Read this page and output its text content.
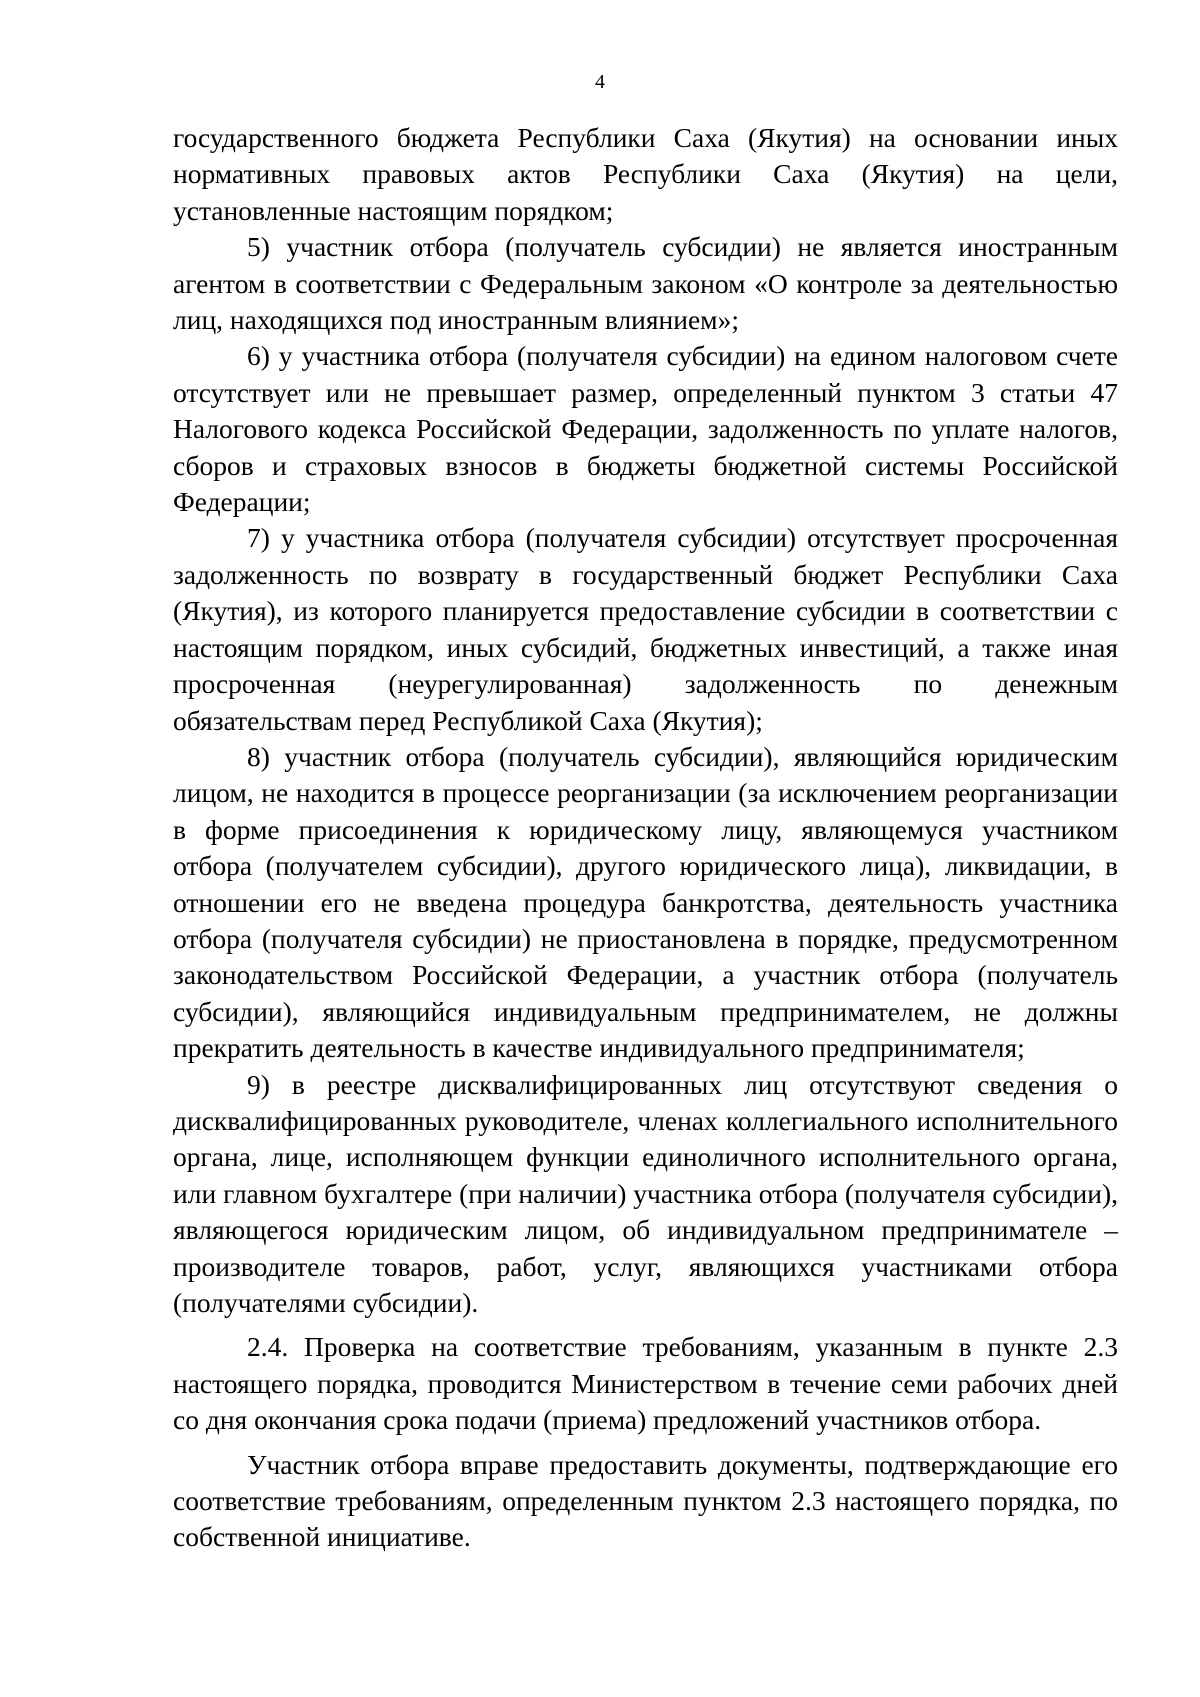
4

государственного бюджета Республики Саха (Якутия) на основании иных нормативных правовых актов Республики Саха (Якутия) на цели, установленные настоящим порядком;

5) участник отбора (получатель субсидии) не является иностранным агентом в соответствии с Федеральным законом «О контроле за деятельностью лиц, находящихся под иностранным влиянием»;

6) у участника отбора (получателя субсидии) на едином налоговом счете отсутствует или не превышает размер, определенный пунктом 3 статьи 47 Налогового кодекса Российской Федерации, задолженность по уплате налогов, сборов и страховых взносов в бюджеты бюджетной системы Российской Федерации;

7) у участника отбора (получателя субсидии) отсутствует просроченная задолженность по возврату в государственный бюджет Республики Саха (Якутия), из которого планируется предоставление субсидии в соответствии с настоящим порядком, иных субсидий, бюджетных инвестиций, а также иная просроченная (неурегулированная) задолженность по денежным обязательствам перед Республикой Саха (Якутия);

8) участник отбора (получатель субсидии), являющийся юридическим лицом, не находится в процессе реорганизации (за исключением реорганизации в форме присоединения к юридическому лицу, являющемуся участником отбора (получателем субсидии), другого юридического лица), ликвидации, в отношении его не введена процедура банкротства, деятельность участника отбора (получателя субсидии) не приостановлена в порядке, предусмотренном законодательством Российской Федерации, а участник отбора (получатель субсидии), являющийся индивидуальным предпринимателем, не должны прекратить деятельность в качестве индивидуального предпринимателя;

9) в реестре дисквалифицированных лиц отсутствуют сведения о дисквалифицированных руководителе, членах коллегиального исполнительного органа, лице, исполняющем функции единоличного исполнительного органа, или главном бухгалтере (при наличии) участника отбора (получателя субсидии), являющегося юридическим лицом, об индивидуальном предпринимателе – производителе товаров, работ, услуг, являющихся участниками отбора (получателями субсидии).

2.4. Проверка на соответствие требованиям, указанным в пункте 2.3 настоящего порядка, проводится Министерством в течение семи рабочих дней со дня окончания срока подачи (приема) предложений участников отбора.

Участник отбора вправе предоставить документы, подтверждающие его соответствие требованиям, определенным пунктом 2.3 настоящего порядка, по собственной инициативе.
